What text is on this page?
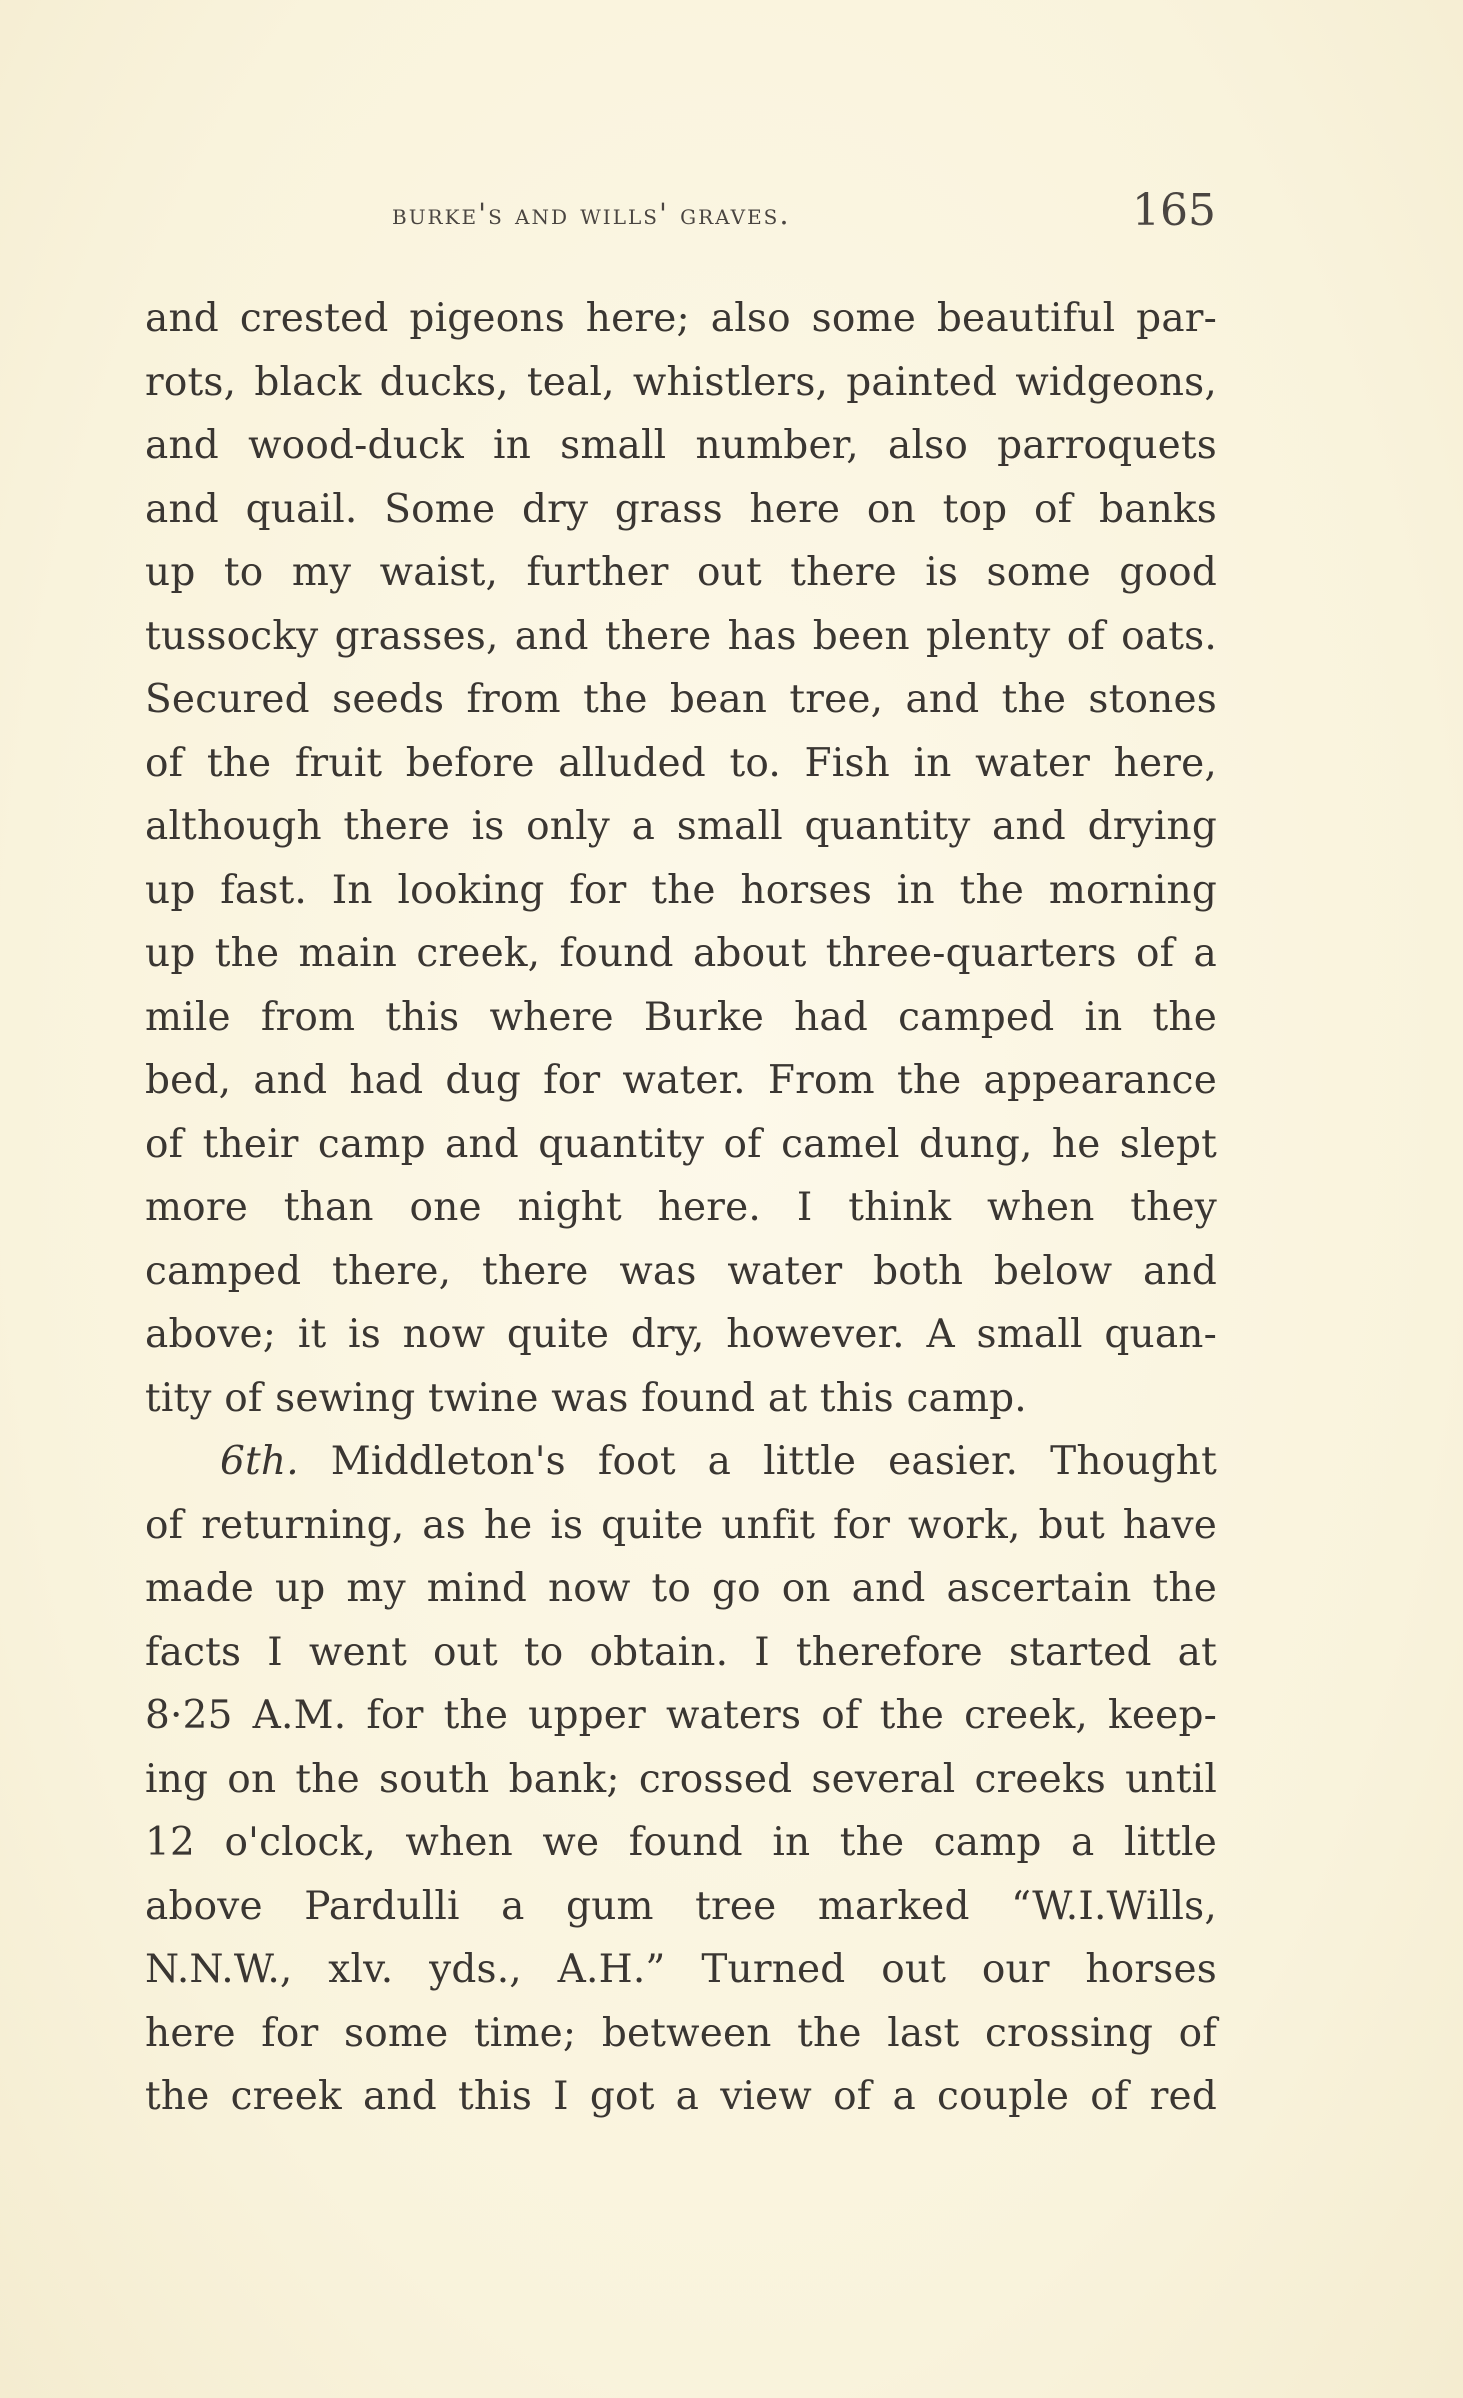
burke's and wills' graves.	165
and crested pigeons here; also some beautiful par-
rots, black ducks, teal, whistlers, painted widgeons,
and wood-duck in small number, also parroquets
and quail. Some dry grass here on top of banks
up to my waist, further out there is some good
tussocky grasses, and there has been plenty of oats.
Secured seeds from the bean tree, and the stones
of the fruit before alluded to. Fish in water here,
although there is only a small quantity and drying
up fast. In looking for the horses in the morning
up the main creek, found about three-quarters of a
mile from this where Burke had camped in the
bed, and had dug for water. From the appearance
of their camp and quantity of camel dung, he slept
more than one night here. I think when they
camped there, there was water both below and
above; it is now quite dry, however. A small quan-
tity of sewing twine was found at this camp.
6th. Middleton's foot a little easier. Thought
of returning, as he is quite unfit for work, but have
made up my mind now to go on and ascertain the
facts I went out to obtain. I therefore started at
8·25 A.M. for the upper waters of the creek, keep-
ing on the south bank; crossed several creeks until
12 o'clock, when we found in the camp a little
above Pardulli a gum tree marked “W.I.Wills,
N.N.W., xlv. yds., A.H.” Turned out our horses
here for some time; between the last crossing of
the creek and this I got a view of a couple of red
